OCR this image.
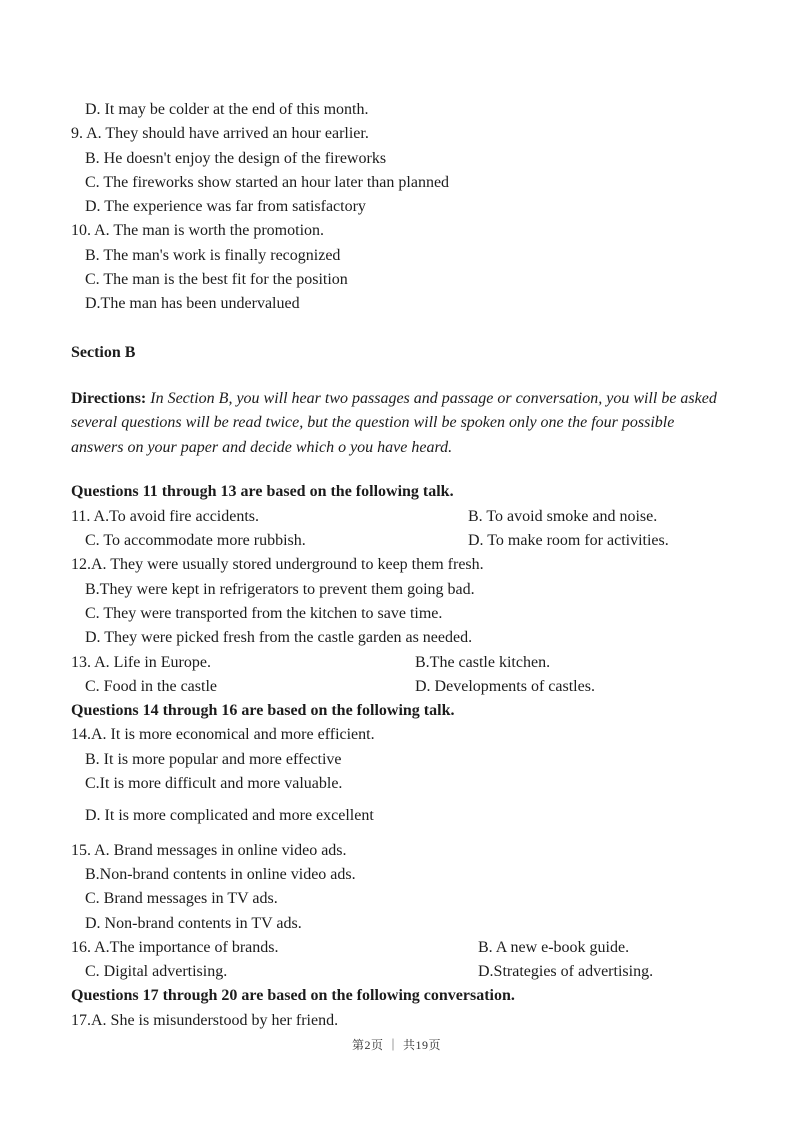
D. It may be colder at the end of this month.
9. A. They should have arrived an hour earlier.
B. He doesn't enjoy the design of the fireworks
C. The fireworks show started an hour later than planned
D. The experience was far from satisfactory
10. A. The man is worth the promotion.
B. The man's work is finally recognized
C. The man is the best fit for the position
D.The man has been undervalued
Section B

Directions: In Section B, you will hear two passages and passage or conversation, you will be asked several questions will be read twice, but the question will be spoken only one the four possible answers on your paper and decide which o you have heard.

Questions 11 through 13 are based on the following talk.
11. A.To avoid fire accidents.	B. To avoid smoke and noise.
C. To accommodate more rubbish.	D. To make room for activities.
12.A. They were usually stored underground to keep them fresh.
B.They were kept in refrigerators to prevent them going bad.
C. They were transported from the kitchen to save time.
D. They were picked fresh from the castle garden as needed.
13. A. Life in Europe.	B.The castle kitchen.
C. Food in the castle	D. Developments of castles.
Questions 14 through 16 are based on the following talk.
14.A. It is more economical and more efficient.
B. It is more popular and more effective
C.It is more difficult and more valuable.
D. It is more complicated and more excellent
15. A. Brand messages in online video ads.
B.Non-brand contents in online video ads.
C. Brand messages in TV ads.
D. Non-brand contents in TV ads.
16. A.The importance of brands.	B. A new e-book guide.
C. Digital advertising.	D.Strategies of advertising.
Questions 17 through 20 are based on the following conversation.
17.A. She is misunderstood by her friend.
第2页 ｜ 共19页
